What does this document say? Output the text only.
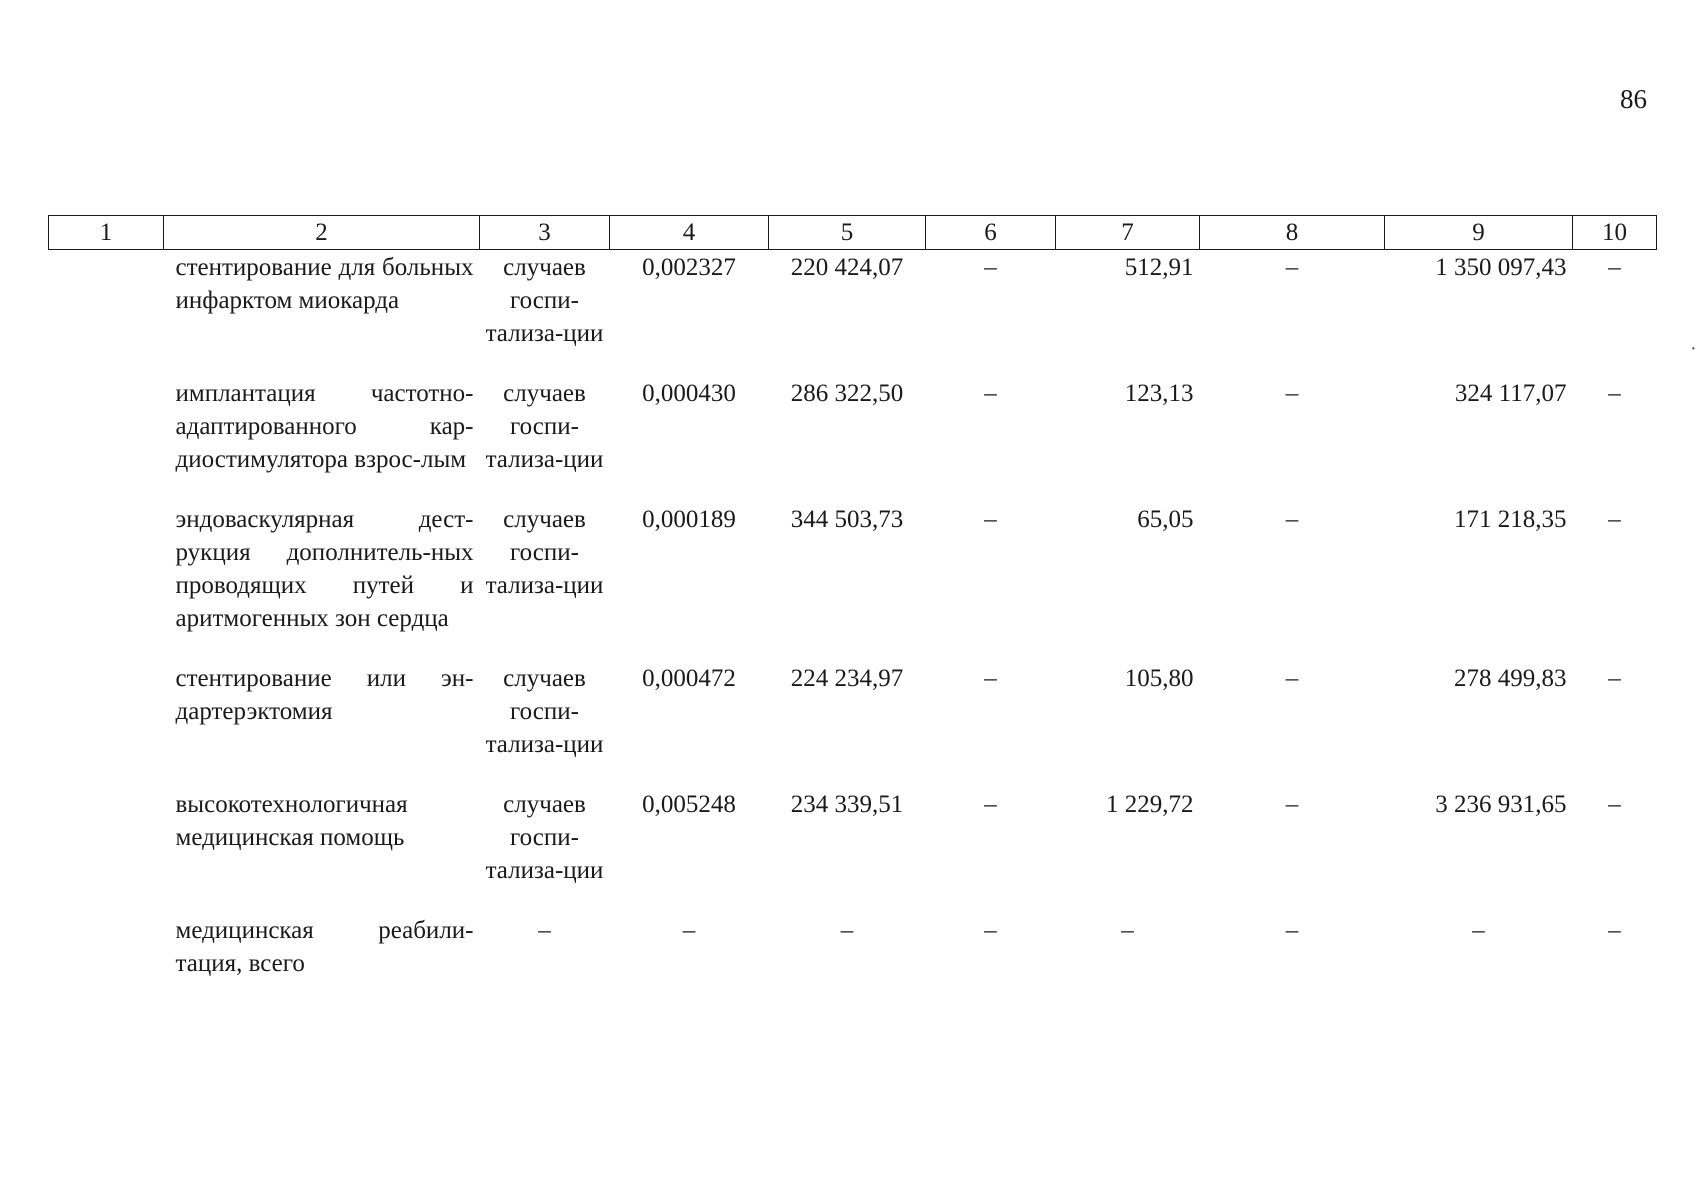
86
·
1	2	3	4	5	6	7	8	9	10
	стентирование для больных инфарктом миокарда	случаев госпи-тализа-ции	0,002327	220 424,07	–	512,91	–	1 350 097,43	–
	имплантация частотно-адаптированного кар-диостимулятора взрос-лым	случаев госпи-тализа-ции	0,000430	286 322,50	–	123,13	–	324 117,07	–
	эндоваскулярная дест-рукция дополнитель-ных проводящих путей и аритмогенных зон сердца	случаев госпи-тализа-ции	0,000189	344 503,73	–	65,05	–	171 218,35	–
	стентирование или эн-дартерэктомия	случаев госпи-тализа-ции	0,000472	224 234,97	–	105,80	–	278 499,83	–
	высокотехнологичная медицинская помощь	случаев госпи-тализа-ции	0,005248	234 339,51	–	1 229,72	–	3 236 931,65	–
	медицинская реабили-тация, всего	–	–	–	–	–	–	–	–
